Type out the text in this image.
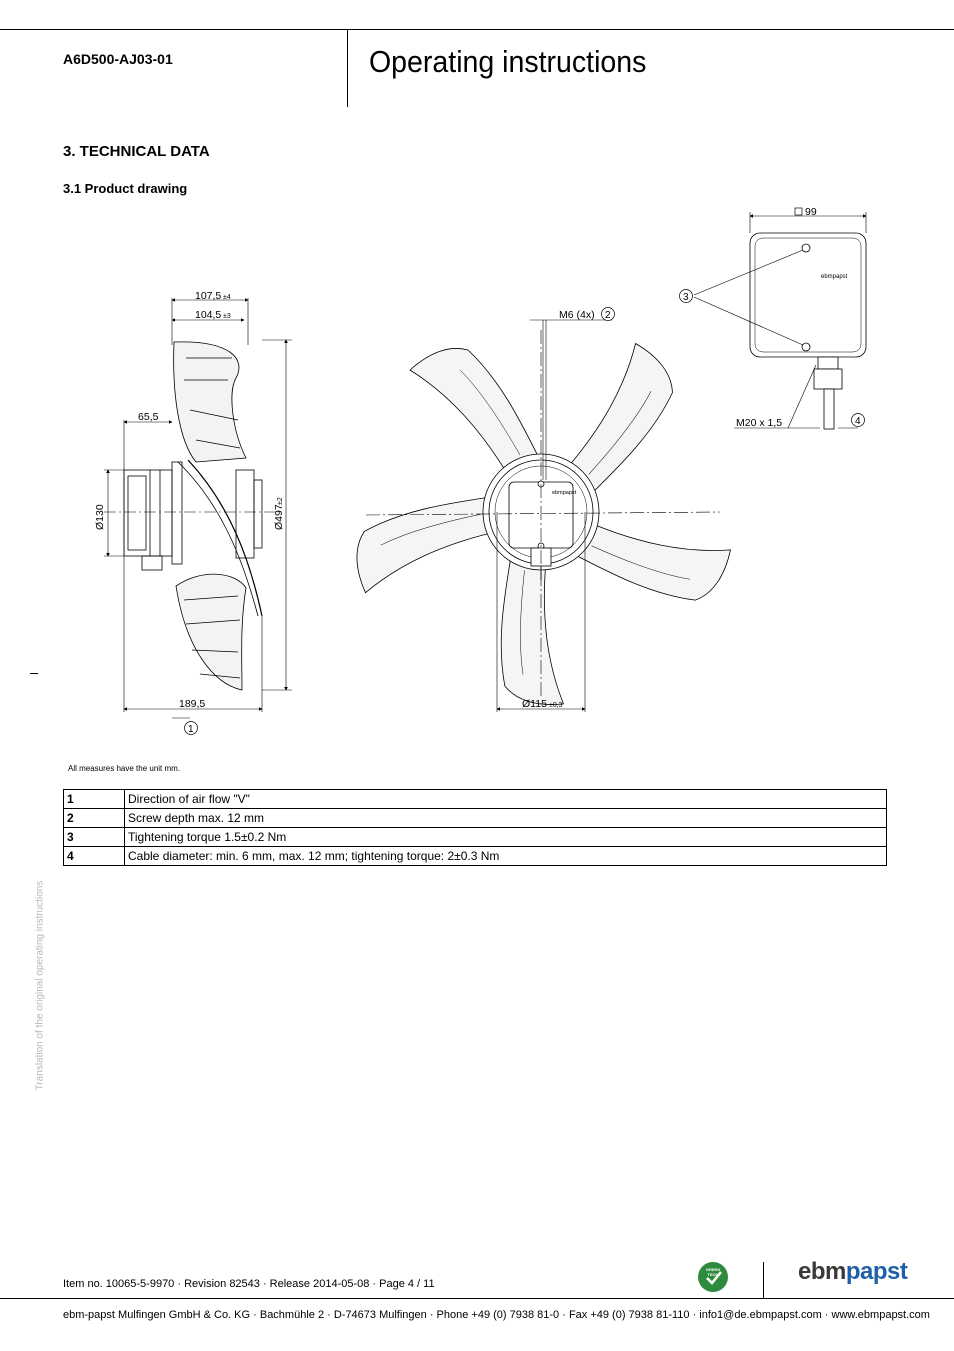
A6D500-AJ03-01	Operating instructions
3. TECHNICAL DATA
3.1 Product drawing
107,5 ±4
104,5 ±3
65,5
Ø130	Ø497
±2
189,5
1
Ø115 ±0,3
M6 (4x)
ebmpapst
2
99
M20 x 1,5
ebmpapst
3
4
All measures have the unit mm.
1	Direction of air flow "V"
2	Screw depth max. 12 mm
3	Tightening torque 1.5±0.2 Nm
4	Cable diameter: min. 6 mm, max. 12 mm; tightening torque: 2±0.3 Nm
Translation of the original operating instructions
Item no. 10065-5-9970 · Revision 82543 · Release 2014-05-08 · Page 4 / 11
GREEN TECH	ebmpapst
ebm-papst Mulfingen GmbH & Co. KG · Bachmühle 2 · D-74673 Mulfingen · Phone +49 (0) 7938 81-0 · Fax +49 (0) 7938 81-110 · info1@de.ebmpapst.com · www.ebmpapst.com
